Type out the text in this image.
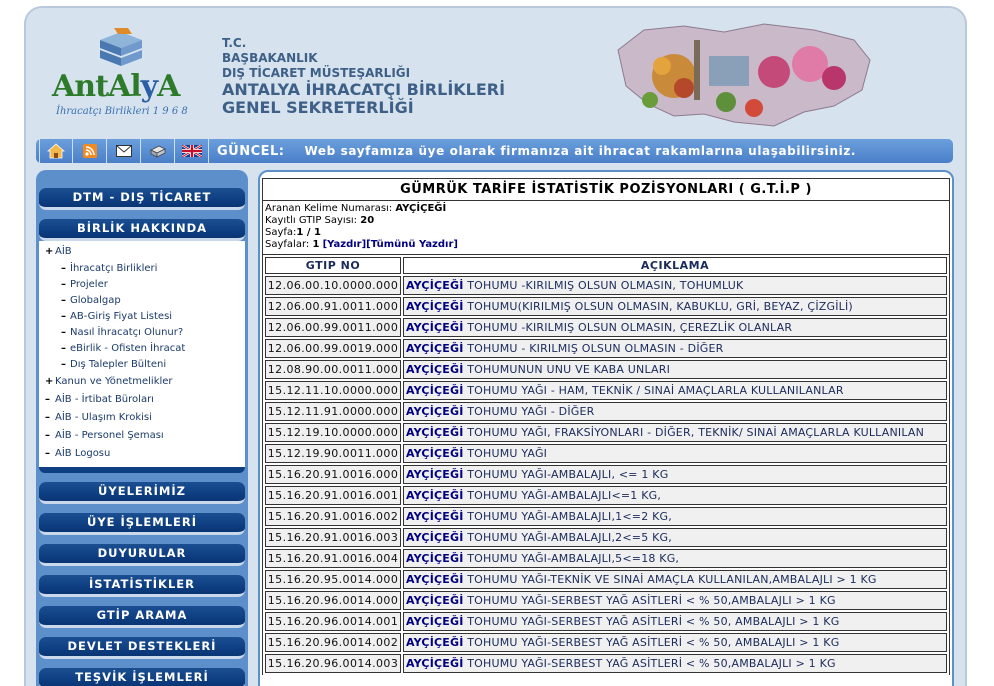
AntAlyA
İhracatçı Birlikleri 1 9 6 8
T.C.
BAŞBAKANLIK
DIŞ TİCARET MÜSTEŞARLIĞI
ANTALYA İHRACATÇI BİRLİKLERİ
GENEL SEKRETERLİĞİ
GÜNCEL: Web sayfamıza üye olarak firmanıza ait ihracat rakamlarına ulaşabilirsiniz.
DTM - DIŞ TİCARET
BİRLİK HAKKINDA
+ AİB
– İhracatçı Birlikleri
– Projeler
– Globalgap
– AB-Giriş Fiyat Listesi
– Nasıl İhracatçı Olunur?
– eBirlik - Ofisten İhracat
– Dış Talepler Bülteni
+ Kanun ve Yönetmelikler
– AİB - İrtibat Büroları
– AİB - Ulaşım Krokisi
– AİB - Personel Şeması
– AİB Logosu
ÜYELERİMİZ
ÜYE İŞLEMLERİ
DUYURULAR
İSTATİSTİKLER
GTİP ARAMA
DEVLET DESTEKLERİ
TEŞVİK İŞLEMLERİ
GÜMRÜK TARİFE İSTATİSTİK POZİSYONLARI ( G.T.İ.P )
Aranan Kelime Numarası: AYÇİÇEĞİ
Kayıtlı GTIP Sayısı: 20
Sayfa:1 / 1
Sayfalar: 1 [Yazdır][Tümünü Yazdır]
GTIP NO	AÇIKLAMA
12.06.00.10.0000.000	AYÇİÇEĞİ TOHUMU -KIRILMIŞ OLSUN OLMASIN, TOHUMLUK
12.06.00.91.0011.000	AYÇİÇEĞİ TOHUMU(KIRILMIŞ OLSUN OLMASIN, KABUKLU, GRİ, BEYAZ, ÇİZGİLİ)
12.06.00.99.0011.000	AYÇİÇEĞİ TOHUMU -KIRILMIŞ OLSUN OLMASIN, ÇEREZLİK OLANLAR
12.06.00.99.0019.000	AYÇİÇEĞİ TOHUMU - KIRILMIŞ OLSUN OLMASIN - DİĞER
12.08.90.00.0011.000	AYÇİÇEĞİ TOHUMUNUN UNU VE KABA UNLARI
15.12.11.10.0000.000	AYÇİÇEĞİ TOHUMU YAĞI - HAM, TEKNİK / SINAİ AMAÇLARLA KULLANILANLAR
15.12.11.91.0000.000	AYÇİÇEĞİ TOHUMU YAĞI - DİĞER
15.12.19.10.0000.000	AYÇİÇEĞİ TOHUMU YAĞI, FRAKSİYONLARI - DİĞER, TEKNİK/ SINAİ AMAÇLARLA KULLANILAN
15.12.19.90.0011.000	AYÇİÇEĞİ TOHUMU YAĞI
15.16.20.91.0016.000	AYÇİÇEĞİ TOHUMU YAĞI-AMBALAJLI, <= 1 KG
15.16.20.91.0016.001	AYÇİÇEĞİ TOHUMU YAĞI-AMBALAJLI<=1 KG,
15.16.20.91.0016.002	AYÇİÇEĞİ TOHUMU YAĞI-AMBALAJLI,1<=2 KG,
15.16.20.91.0016.003	AYÇİÇEĞİ TOHUMU YAĞI-AMBALAJLI,2<=5 KG,
15.16.20.91.0016.004	AYÇİÇEĞİ TOHUMU YAĞI-AMBALAJLI,5<=18 KG,
15.16.20.95.0014.000	AYÇİÇEĞİ TOHUMU YAĞI-TEKNİK VE SINAİ AMAÇLA KULLANILAN,AMBALAJLI > 1 KG
15.16.20.96.0014.000	AYÇİÇEĞİ TOHUMU YAĞI-SERBEST YAĞ ASİTLERİ < % 50,AMBALAJLI > 1 KG
15.16.20.96.0014.001	AYÇİÇEĞİ TOHUMU YAĞI-SERBEST YAĞ ASİTLERİ < % 50, AMBALAJLI > 1 KG
15.16.20.96.0014.002	AYÇİÇEĞİ TOHUMU YAĞI-SERBEST YAĞ ASİTLERİ < % 50, AMBALAJLI > 1 KG
15.16.20.96.0014.003	AYÇİÇEĞİ TOHUMU YAĞI-SERBEST YAĞ ASİTLERİ < % 50,AMBALAJLI > 1 KG
